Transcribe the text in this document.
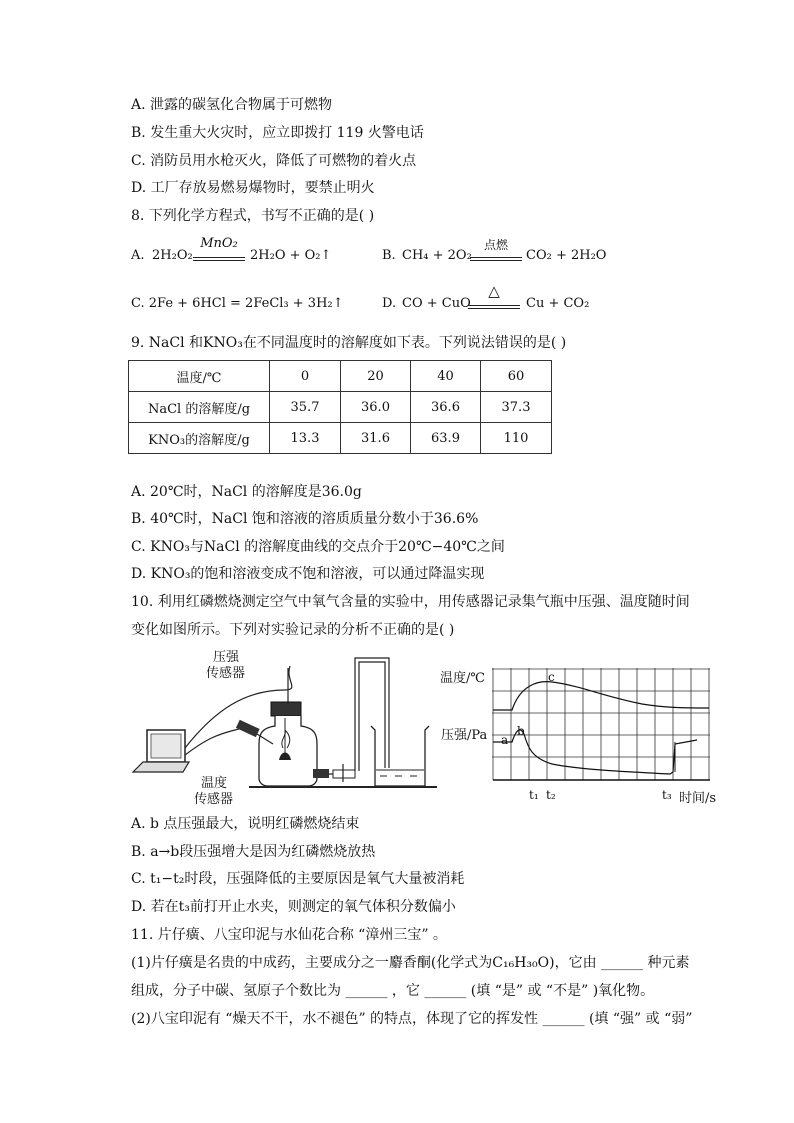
A. 泄露的碳氢化合物属于可燃物
B. 发生重大火灾时，应立即拨打 119 火警电话
C. 消防员用水枪灭火，降低了可燃物的着火点
D. 工厂存放易燃易爆物时，要禁止明火
8. 下列化学方程式，书写不正确的是( )
A. 2H₂O₂
MnO₂
2H₂O + O₂↑	B. CH₄ + 2O₂
点燃
CO₂ + 2H₂O
C. 2Fe + 6HCl = 2FeCl₃ + 3H₂↑	D. CO + CuO
△
Cu + CO₂
9. NaCl 和KNO₃在不同温度时的溶解度如下表。下列说法错误的是( )
温度/℃	0	20	40	60
NaCl 的溶解度/g	35.7	36.0	36.6	37.3
KNO₃的溶解度/g	13.3	31.6	63.9	110
A. 20℃时，NaCl 的溶解度是36.0g
B. 40℃时，NaCl 饱和溶液的溶质质量分数小于36.6%
C. KNO₃与NaCl 的溶解度曲线的交点介于20℃−40℃之间
D. KNO₃的饱和溶液变成不饱和溶液，可以通过降温实现
10. 利用红磷燃烧测定空气中氧气含量的实验中，用传感器记录集气瓶中压强、温度随时间
变化如图所示。下列对实验记录的分析不正确的是( )
压强
传感器
温度
传感器
温度/℃
压强/Pa a
b
c
t₁ t₂	t₃ 时间/s
A. b 点压强最大，说明红磷燃烧结束
B. a→b段压强增大是因为红磷燃烧放热
C. t₁−t₂时段，压强降低的主要原因是氧气大量被消耗
D. 若在t₃前打开止水夹，则测定的氧气体积分数偏小
11. 片仔癀、八宝印泥与水仙花合称 “漳州三宝” 。
(1)片仔癀是名贵的中成药，主要成分之一麝香酮(化学式为C₁₆H₃₀O)，它由 ______ 种元素
组成，分子中碳、氢原子个数比为 ______ ，它 ______ (填 “是” 或 “不是” )氧化物。
(2)八宝印泥有 “燥天不干，水不褪色” 的特点，体现了它的挥发性 ______ (填 “强” 或 “弱”
